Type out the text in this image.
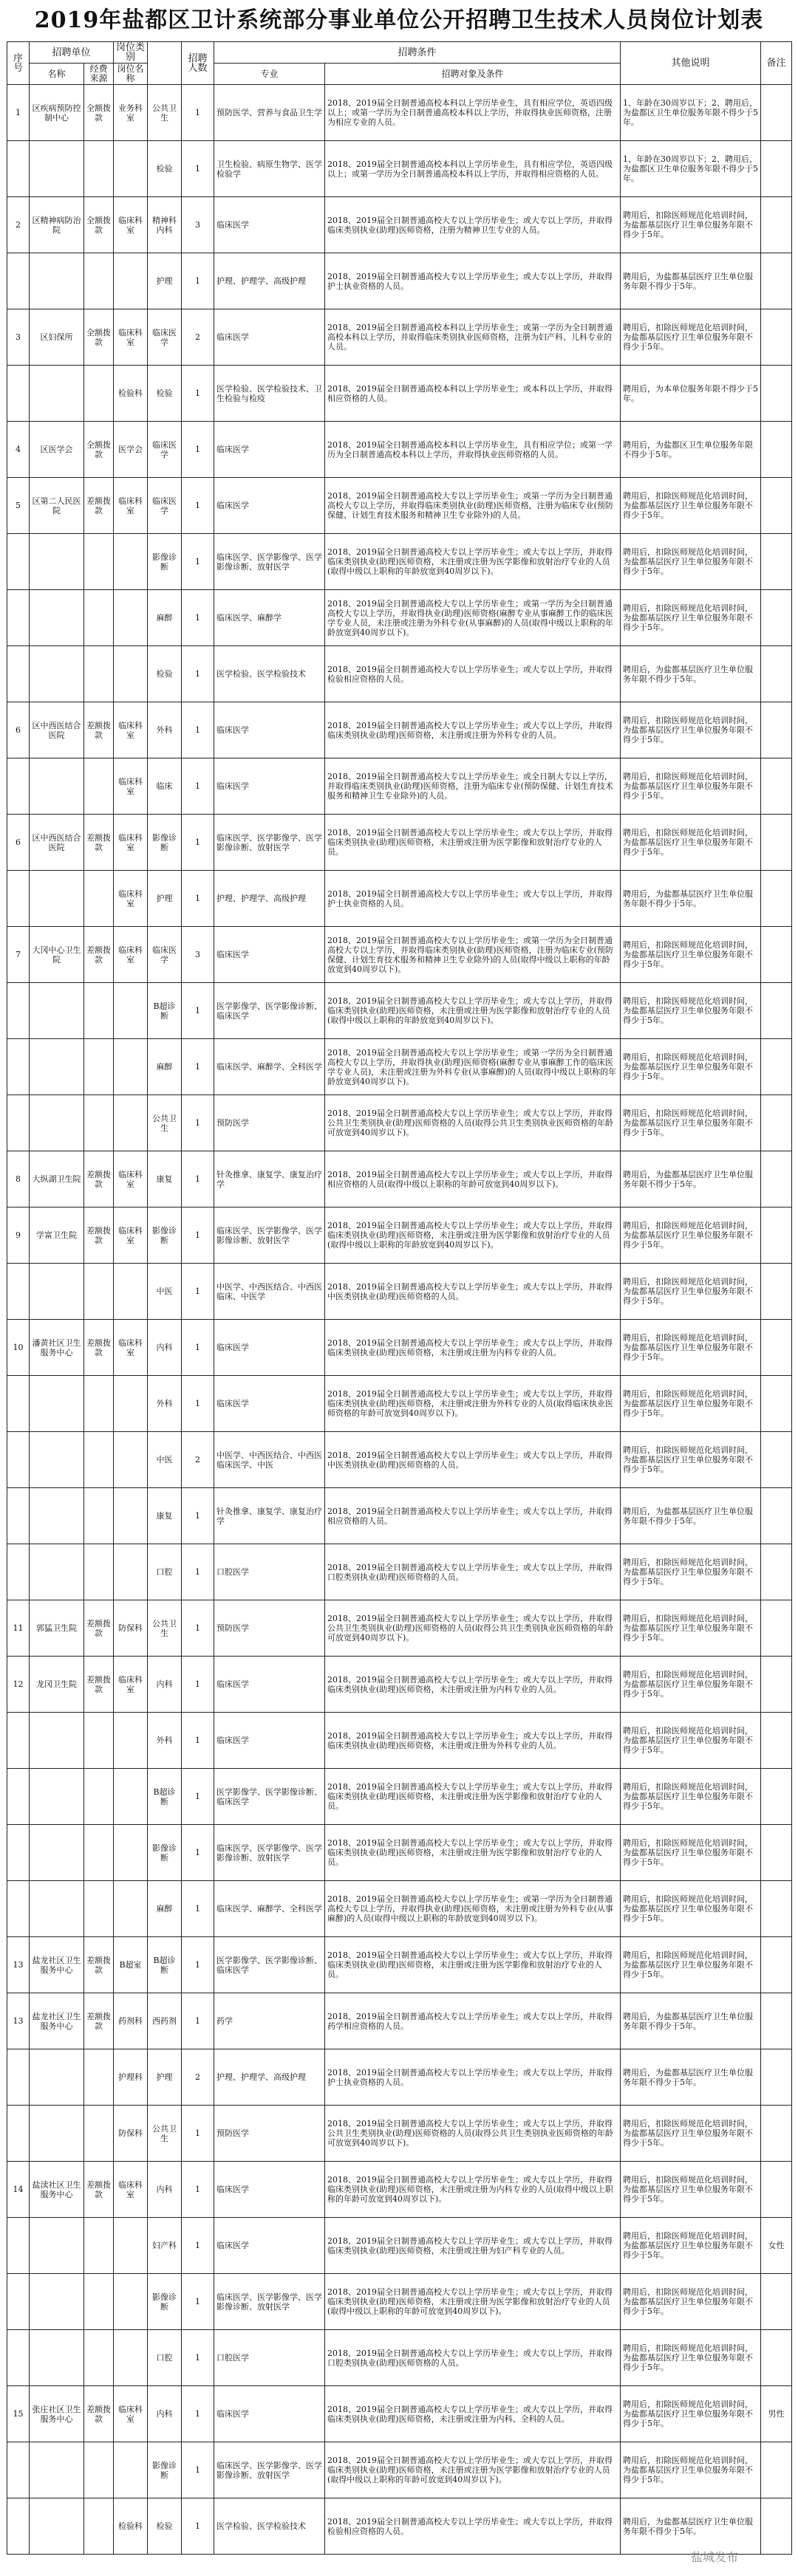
2019年盐都区卫计系统部分事业单位公开招聘卫生技术人员岗位计划表
序号	招聘单位		岗位类别		招聘人数	招聘条件		其他说明	备注
	名称	经费来源	岗位名称			专业	招聘对象及条件		
1	区疾病预防控制中心	全额拨款	业务科室	公共卫生	1	预防医学、营养与食品卫生学	2018、2019届全日制普通高校本科以上学历毕业生，具有相应学位，英语四级以上；或第一学历为全日制普通高校本科以上学历，并取得执业医师资格，注册为相应专业的人员。	1、年龄在30周岁以下；2、聘用后，为盐都区卫生单位服务年限不得少于5年。	
				检验	1	卫生检验、病原生物学、医学检验学	2018、2019届全日制普通高校本科以上学历毕业生，具有相应学位，英语四级以上；或第一学历为全日制普通高校本科以上学历，并取得相应资格的人员。	1、年龄在30周岁以下；2、聘用后，为盐都区卫生单位服务年限不得少于5年。	
2	区精神病防治院	全额拨款	临床科室	精神科内科	3	临床医学	2018、2019届全日制普通高校大专以上学历毕业生；或大专以上学历，并取得临床类别执业(助理)医师资格，注册为精神卫生专业的人员。	聘用后，扣除医师规范化培训时间，为盐都基层医疗卫生单位服务年限不得少于5年。	
				护理	1	护理、护理学、高级护理	2018、2019届全日制普通高校大专以上学历毕业生；或大专以上学历，并取得护士执业资格的人员。	聘用后，为盐都基层医疗卫生单位服务年限不得少于5年。	
3	区妇保所	全额拨款	临床科室	临床医学	2	临床医学	2018、2019届全日制普通高校本科以上学历毕业生；或第一学历为全日制普通高校本科以上学历，并取得临床类别执业医师资格，注册为妇产科、儿科专业的人员。	聘用后，扣除医师规范化培训时间，为盐都基层医疗卫生单位服务年限不得少于5年。	
			检验科	检验	1	医学检验、医学检验技术、卫生检验与检疫	2018、2019届全日制普通高校本科以上学历毕业生；或本科以上学历，并取得相应资格的人员。	聘用后，为本单位服务年限不得少于5年。	
4	区医学会	全额拨款	医学会	临床医学	1	临床医学	2018、2019届全日制普通高校本科以上学历毕业生，具有相应学位；或第一学历为全日制普通高校本科以上学历，并取得执业医师资格的人员。	聘用后，为盐都区卫生单位服务年限不得少于5年。	
5	区第二人民医院	差额拨款	临床科室	临床医学	1	临床医学	2018、2019届全日制普通高校大专以上学历毕业生；或第一学历为全日制普通高校大专以上学历，并取得临床类别执业(助理)医师资格，注册为临床专业(预防保健、计划生育技术服务和精神卫生专业除外)的人员。	聘用后，扣除医师规范化培训时间，为盐都基层医疗卫生单位服务年限不得少于5年。	
				影像诊断	1	临床医学、医学影像学、医学影像诊断、放射医学	2018、2019届全日制普通高校大专以上学历毕业生；或大专以上学历，并取得临床类别执业(助理)医师资格，未注册或注册为医学影像和放射治疗专业的人员(取得中级以上职称的年龄放宽到40周岁以下)。	聘用后，扣除医师规范化培训时间，为盐都基层医疗卫生单位服务年限不得少于5年。	
				麻醉	1	临床医学、麻醉学	2018、2019届全日制普通高校大专以上学历毕业生；或第一学历为全日制普通高校大专以上学历，并取得执业(助理)医师资格(麻醉专业从事麻醉工作的临床医学专业人员，未注册或注册为外科专业(从事麻醉)的人员(取得中级以上职称的年龄放宽到40周岁以下)。	聘用后，扣除医师规范化培训时间，为盐都基层医疗卫生单位服务年限不得少于5年。	
				检验	1	医学检验、医学检验技术	2018、2019届全日制普通高校大专以上学历毕业生；或大专以上学历，并取得检验相应资格的人员。	聘用后，为盐都基层医疗卫生单位服务年限不得少于5年。	
6	区中西医结合医院	差额拨款	临床科室	外科	1	临床医学	2018、2019届全日制普通高校大专以上学历毕业生；或大专以上学历，并取得临床类别执业(助理)医师资格，未注册或注册为外科专业的人员。	聘用后，扣除医师规范化培训时间，为盐都基层医疗卫生单位服务年限不得少于5年。	
			临床科室	临床	1	临床医学	2018、2019届全日制普通高校大专以上学历毕业生；或全日制大专以上学历，并取得临床类别执业(助理)医师资格，注册为临床专业(预防保健、计划生育技术服务和精神卫生专业除外)的人员。	聘用后，扣除医师规范化培训时间，为盐都基层医疗卫生单位服务年限不得少于5年。	
6	区中西医结合医院	差额拨款	临床科室	影像诊断	1	临床医学、医学影像学、医学影像诊断、放射医学	2018、2019届全日制普通高校大专以上学历毕业生；或大专以上学历，并取得临床类别执业(助理)医师资格，未注册或注册为医学影像和放射治疗专业的人员。	聘用后，扣除医师规范化培训时间，为盐都基层医疗卫生单位服务年限不得少于5年。	
			临床科室	护理	1	护理、护理学、高级护理	2018、2019届全日制普通高校大专以上学历毕业生；或大专以上学历，并取得护士执业资格的人员。	聘用后，为盐都基层医疗卫生单位服务年限不得少于5年。	
7	大冈中心卫生院	差额拨款	临床科室	临床医学	3	临床医学	2018、2019届全日制普通高校大专以上学历毕业生；或第一学历为全日制普通高校大专以上学历，并取得临床类别执业(助理)医师资格，注册为临床专业(预防保健、计划生育技术服务和精神卫生专业除外)的人员(取得中级以上职称的年龄放宽到40周岁以下)。	聘用后，扣除医师规范化培训时间，为盐都基层医疗卫生单位服务年限不得少于5年。	
				B超诊断	1	医学影像学、医学影像诊断、临床医学	2018、2019届全日制普通高校大专以上学历毕业生；或大专以上学历，并取得临床类别执业(助理)医师资格，未注册或注册为医学影像和放射治疗专业的人员(取得中级以上职称的年龄放宽到40周岁以下)。	聘用后，扣除医师规范化培训时间，为盐都基层医疗卫生单位服务年限不得少于5年。	
				麻醉	1	临床医学、麻醉学、全科医学	2018、2019届全日制普通高校大专以上学历毕业生；或第一学历为全日制普通高校大专以上学历，并取得执业(助理)医师资格(麻醉专业从事麻醉工作的临床医学专业人员)，未注册或注册为外科专业(从事麻醉)的人员(取得中级以上职称的年龄放宽到40周岁以下)。	聘用后，扣除医师规范化培训时间，为盐都基层医疗卫生单位服务年限不得少于5年。	
				公共卫生	1	预防医学	2018、2019届全日制普通高校大专以上学历毕业生；或大专以上学历，并取得公共卫生类别执业(助理)医师资格的人员(取得公共卫生类别执业医师资格的年龄可放宽到40周岁以下)。	聘用后，扣除医师规范化培训时间，为盐都基层医疗卫生单位服务年限不得少于5年。	
8	大纵湖卫生院	差额拨款	临床科室	康复	1	针灸推拿、康复学、康复治疗学	2018、2019届全日制普通高校大专以上学历毕业生；或大专以上学历，并取得相应资格的人员(取得中级以上职称的年龄可放宽到40周岁以下)。	聘用后，为盐都基层医疗卫生单位服务年限不得少于5年。	
9	学富卫生院	差额拨款	临床科室	影像诊断	1	临床医学、医学影像学、医学影像诊断、放射医学	2018、2019届全日制普通高校大专以上学历毕业生；或大专以上学历，并取得临床类别执业(助理)医师资格，未注册或注册为医学影像和放射治疗专业的人员(取得中级以上职称的年龄放宽到40周岁以下)。	聘用后，扣除医师规范化培训时间，为盐都基层医疗卫生单位服务年限不得少于5年。	
				中医	1	中医学、中西医结合、中西医临床、中医学	2018、2019届全日制普通高校大专以上学历毕业生；或大专以上学历，并取得中医类别执业(助理)医师资格的人员。	聘用后，扣除医师规范化培训时间，为盐都基层医疗卫生单位服务年限不得少于5年。	
10	潘黄社区卫生服务中心	差额拨款	临床科室	内科	1	临床医学	2018、2019届全日制普通高校大专以上学历毕业生；或大专以上学历，并取得临床类别执业(助理)医师资格，未注册或注册为内科专业的人员。	聘用后，扣除医师规范化培训时间，为盐都基层医疗卫生单位服务年限不得少于5年。	
				外科	1	临床医学	2018、2019届全日制普通高校大专以上学历毕业生；或大专以上学历，并取得临床类别执业(助理)医师资格，未注册或注册为外科专业的人员(取得临床执业医师资格的年龄可放宽到40周岁以下)。	聘用后，扣除医师规范化培训时间，为盐都基层医疗卫生单位服务年限不得少于5年。	
				中医	2	中医学、中西医结合、中西医临床医学、中医	2018、2019届全日制普通高校大专以上学历毕业生；或大专以上学历，并取得中医类别执业(助理)医师资格的人员。	聘用后，扣除医师规范化培训时间，为盐都基层医疗卫生单位服务年限不得少于5年。	
				康复	1	针灸推拿、康复学、康复治疗学	2018、2019届全日制普通高校大专以上学历毕业生；或大专以上学历，并取得相应资格的人员。	聘用后，为盐都基层医疗卫生单位服务年限不得少于5年。	
				口腔	1	口腔医学	2018、2019届全日制普通高校大专以上学历毕业生；或大专以上学历，并取得口腔类别执业(助理)医师资格的人员。	聘用后，扣除医师规范化培训时间，为盐都基层医疗卫生单位服务年限不得少于5年。	
11	郭猛卫生院	差额拨款	防保科	公共卫生	1	预防医学	2018、2019届全日制普通高校大专以上学历毕业生；或大专以上学历，并取得公共卫生类别执业(助理)医师资格的人员(取得公共卫生类别执业医师资格的年龄可放宽到40周岁以下)。	聘用后，扣除医师规范化培训时间，为盐都基层医疗卫生单位服务年限不得少于5年。	
12	龙冈卫生院	差额拨款	临床科室	内科	1	临床医学	2018、2019届全日制普通高校大专以上学历毕业生；或大专以上学历，并取得临床类别执业(助理)医师资格，未注册或注册为内科专业的人员。	聘用后，扣除医师规范化培训时间，为盐都基层医疗卫生单位服务年限不得少于5年。	
				外科	1	临床医学	2018、2019届全日制普通高校大专以上学历毕业生；或大专以上学历，并取得临床类别执业(助理)医师资格，未注册或注册为外科专业的人员。	聘用后，扣除医师规范化培训时间，为盐都基层医疗卫生单位服务年限不得少于5年。	
				B超诊断	1	医学影像学、医学影像诊断、临床医学	2018、2019届全日制普通高校大专以上学历毕业生；或大专以上学历，并取得临床类别执业(助理)医师资格，未注册或注册为医学影像和放射治疗专业的人员。	聘用后，扣除医师规范化培训时间，为盐都基层医疗卫生单位服务年限不得少于5年。	
				影像诊断	1	临床医学、医学影像学、医学影像诊断、放射医学	2018、2019届全日制普通高校大专以上学历毕业生；或大专以上学历，并取得临床类别执业(助理)医师资格，未注册或注册为医学影像和放射治疗专业的人员。	聘用后，扣除医师规范化培训时间，为盐都基层医疗卫生单位服务年限不得少于5年。	
				麻醉	1	临床医学、麻醉学、全科医学	2018、2019届全日制普通高校大专以上学历毕业生；或第一学历为全日制普通高校大专以上学历，并取得执业(助理)医师资格，未注册或注册为外科专业(从事麻醉)的人员(取得中级以上职称的年龄放宽到40周岁以下)。	聘用后，扣除医师规范化培训时间，为盐都基层医疗卫生单位服务年限不得少于5年。	
13	盐龙社区卫生服务中心	差额拨款	B超室	B超诊断	1	医学影像学、医学影像诊断、临床医学	2018、2019届全日制普通高校大专以上学历毕业生；或大专以上学历，并取得临床类别执业(助理)医师资格，未注册或注册为医学影像和放射治疗专业的人员。	聘用后，扣除医师规范化培训时间，为盐都基层医疗卫生单位服务年限不得少于5年。	
13	盐龙社区卫生服务中心	差额拨款	药剂科	西药剂	1	药学	2018、2019届全日制普通高校大专以上学历毕业生；或大专以上学历，并取得药学相应资格的人员。	聘用后，为盐都基层医疗卫生单位服务年限不得少于5年。	
			护理科	护理	2	护理、护理学、高级护理	2018、2019届全日制普通高校大专以上学历毕业生；或大专以上学历，并取得护士执业资格的人员。	聘用后，为盐都基层医疗卫生单位服务年限不得少于5年。	
			防保科	公共卫生	1	预防医学	2018、2019届全日制普通高校大专以上学历毕业生；或大专以上学历，并取得公共卫生类别执业(助理)医师资格的人员(取得公共卫生类别执业医师资格的年龄可放宽到40周岁以下)。	聘用后，扣除医师规范化培训时间，为盐都基层医疗卫生单位服务年限不得少于5年。	
14	盐渎社区卫生服务中心	差额拨款	临床科室	内科	1	临床医学	2018、2019届全日制普通高校大专以上学历毕业生；或大专以上学历，并取得临床类别执业(助理)医师资格，未注册或注册为内科专业的人员(取得中级以上职称的年龄可放宽到40周岁以下)。	聘用后，扣除医师规范化培训时间，为盐都基层医疗卫生单位服务年限不得少于5年。	
				妇产科	1	临床医学	2018、2019届全日制普通高校大专以上学历毕业生；或大专以上学历，并取得临床类别执业(助理)医师资格，未注册或注册为妇产科专业的人员。	聘用后，扣除医师规范化培训时间，为盐都基层医疗卫生单位服务年限不得少于5年。	女性
				影像诊断	1	临床医学、医学影像学、医学影像诊断、放射医学	2018、2019届全日制普通高校大专以上学历毕业生；或大专以上学历，并取得临床类别执业(助理)医师资格，未注册或注册为医学影像和放射治疗专业的人员(取得中级以上职称的年龄可放宽到40周岁以下)。	聘用后，扣除医师规范化培训时间，为盐都基层医疗卫生单位服务年限不得少于5年。	
				口腔	1	口腔医学	2018、2019届全日制普通高校大专以上学历毕业生；或大专以上学历，并取得口腔类别执业(助理)医师资格的人员。	聘用后，扣除医师规范化培训时间，为盐都基层医疗卫生单位服务年限不得少于5年。	
15	张庄社区卫生服务中心	差额拨款	临床科室	内科	1	临床医学	2018、2019届全日制普通高校大专以上学历毕业生；或大专以上学历，并取得临床类别执业(助理)医师资格，未注册或注册为内科、全科的人员。	聘用后，扣除医师规范化培训时间，为盐都基层医疗卫生单位服务年限不得少于5年。	男性
				影像诊断	1	临床医学、医学影像学、医学影像诊断、放射医学	2018、2019届全日制普通高校大专以上学历毕业生；或大专以上学历，并取得临床类别执业(助理)医师资格，未注册或注册为医学影像和放射治疗专业的人员(取得中级以上职称的年龄可放宽到40周岁以下)。	聘用后，扣除医师规范化培训时间，为盐都基层医疗卫生单位服务年限不得少于5年。	
			检验科	检验	1	医学检验、医学检验技术	2018、2019届全日制普通高校大专以上学历毕业生；或大专以上学历，并取得检验相应资格的人员。	聘用后，为盐都基层医疗卫生单位服务年限不得少于5年。	
盐城发布
